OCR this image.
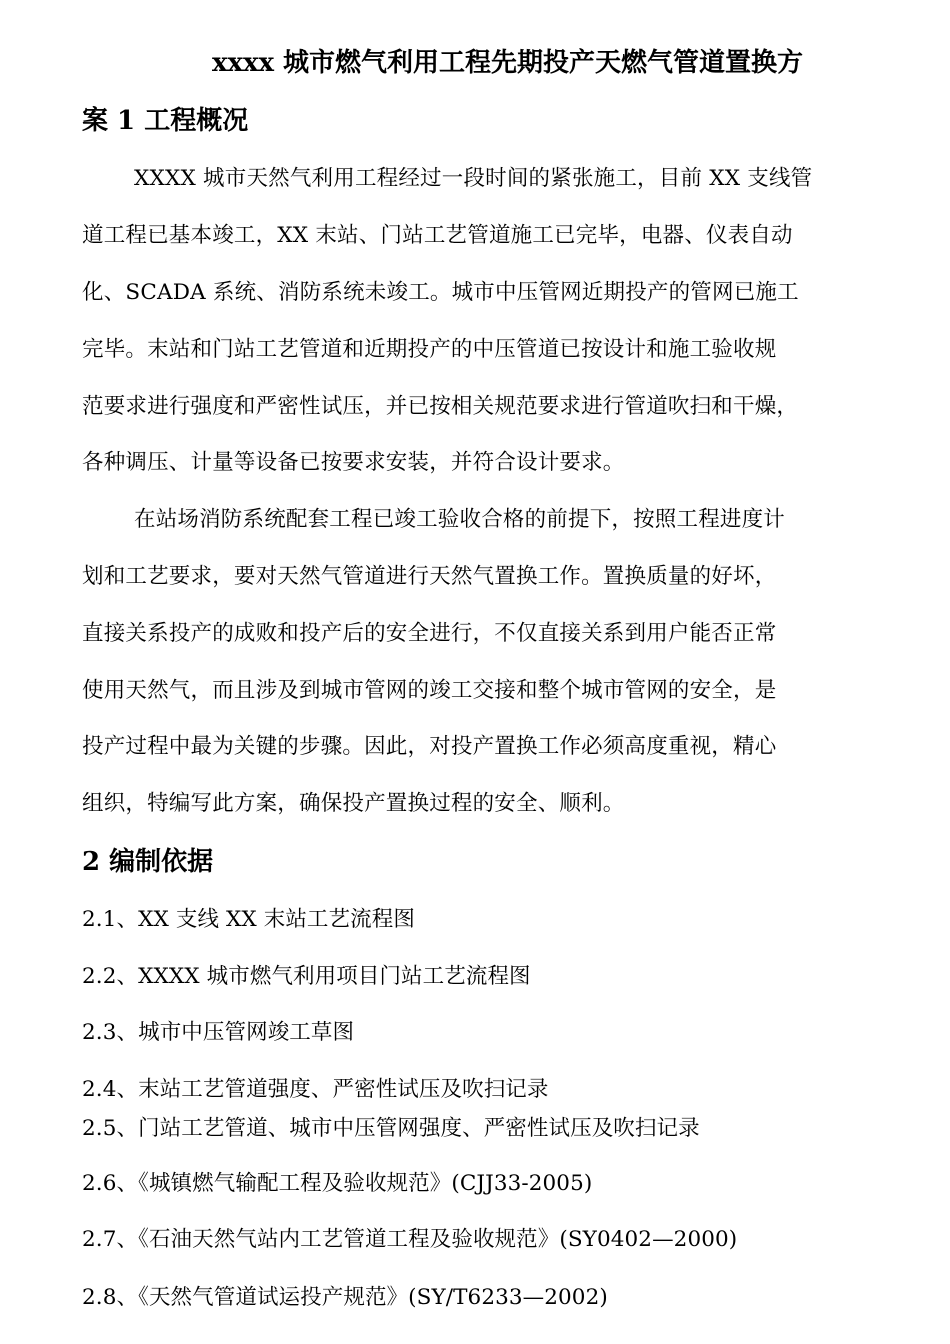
xxxx 城市燃气利用工程先期投产天燃气管道置换方
案 1 工程概况
XXXX 城市天然气利用工程经过一段时间的紧张施工，目前 XX 支线管
道工程已基本竣工，XX 末站、门站工艺管道施工已完毕，电器、仪表自动
化、SCADA 系统、消防系统未竣工。城市中压管网近期投产的管网已施工
完毕。末站和门站工艺管道和近期投产的中压管道已按设计和施工验收规
范要求进行强度和严密性试压，并已按相关规范要求进行管道吹扫和干燥，
各种调压、计量等设备已按要求安装，并符合设计要求。
在站场消防系统配套工程已竣工验收合格的前提下，按照工程进度计
划和工艺要求，要对天然气管道进行天然气置换工作。置换质量的好坏，
直接关系投产的成败和投产后的安全进行，不仅直接关系到用户能否正常
使用天然气，而且涉及到城市管网的竣工交接和整个城市管网的安全，是
投产过程中最为关键的步骤。因此，对投产置换工作必须高度重视，精心
组织，特编写此方案，确保投产置换过程的安全、顺利。
2 编制依据
2.1、XX 支线 XX 末站工艺流程图
2.2、XXXX 城市燃气利用项目门站工艺流程图
2.3、城市中压管网竣工草图
2.4、末站工艺管道强度、严密性试压及吹扫记录
2.5、门站工艺管道、城市中压管网强度、严密性试压及吹扫记录
2.6、《城镇燃气输配工程及验收规范》(CJJ33-2005)
2.7、《石油天然气站内工艺管道工程及验收规范》(SY0402—2000)
2.8、《天然气管道试运投产规范》(SY/T6233—2002)
